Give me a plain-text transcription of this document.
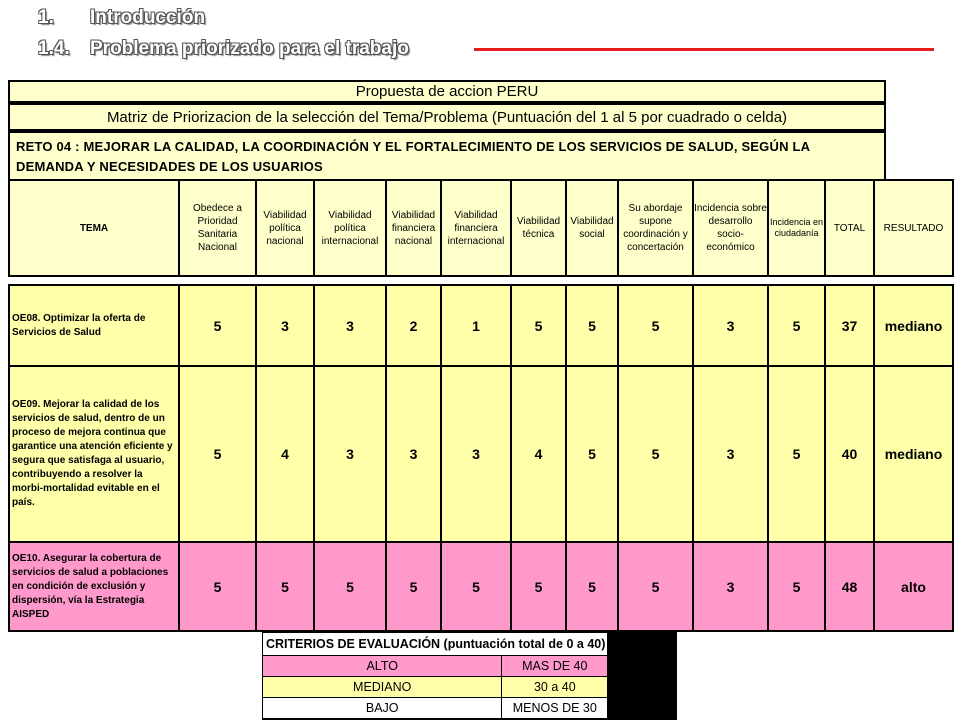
1. Introducción
1.4. Problema priorizado para el trabajo
Propuesta de accion PERU
Matriz de Priorizacion de la selección del Tema/Problema (Puntuación del 1 al 5 por cuadrado o celda)
RETO 04 : MEJORAR LA CALIDAD, LA COORDINACIÓN Y EL FORTALECIMIENTO DE LOS SERVICIOS DE SALUD, SEGÚN LA DEMANDA Y NECESIDADES DE LOS USUARIOS
TEMA	Obedece a Prioridad Sanitaria Nacional	Viabilidad política nacional	Viabilidad política internacional	Viabilidad financiera nacional	Viabilidad financiera internacional	Viabilidad técnica	Viabilidad social	Su abordaje supone coordinación y concertación	Incidencia sobre desarrollo socio-económico	Incidencia en ciudadanía	TOTAL	RESULTADO
OE08. Optimizar la oferta de Servicios de Salud	5	3	3	2	1	5	5	5	3	5	37	mediano
OE09. Mejorar la calidad de los servicios de salud, dentro de un proceso de mejora continua que garantice una atención eficiente y segura que satisfaga al usuario, contribuyendo a resolver la morbi-mortalidad evitable en el país.	5	4	3	3	3	4	5	5	3	5	40	mediano
OE10. Asegurar la cobertura de servicios de salud a poblaciones en condición de exclusión y dispersión, vía la Estrategia AISPED	5	5	5	5	5	5	5	5	3	5	48	alto
CRITERIOS DE EVALUACIÓN (puntuación total de 0 a 40)		
ALTO	MAS DE 40	
MEDIANO	30 a 40	
BAJO	MENOS DE 30	
